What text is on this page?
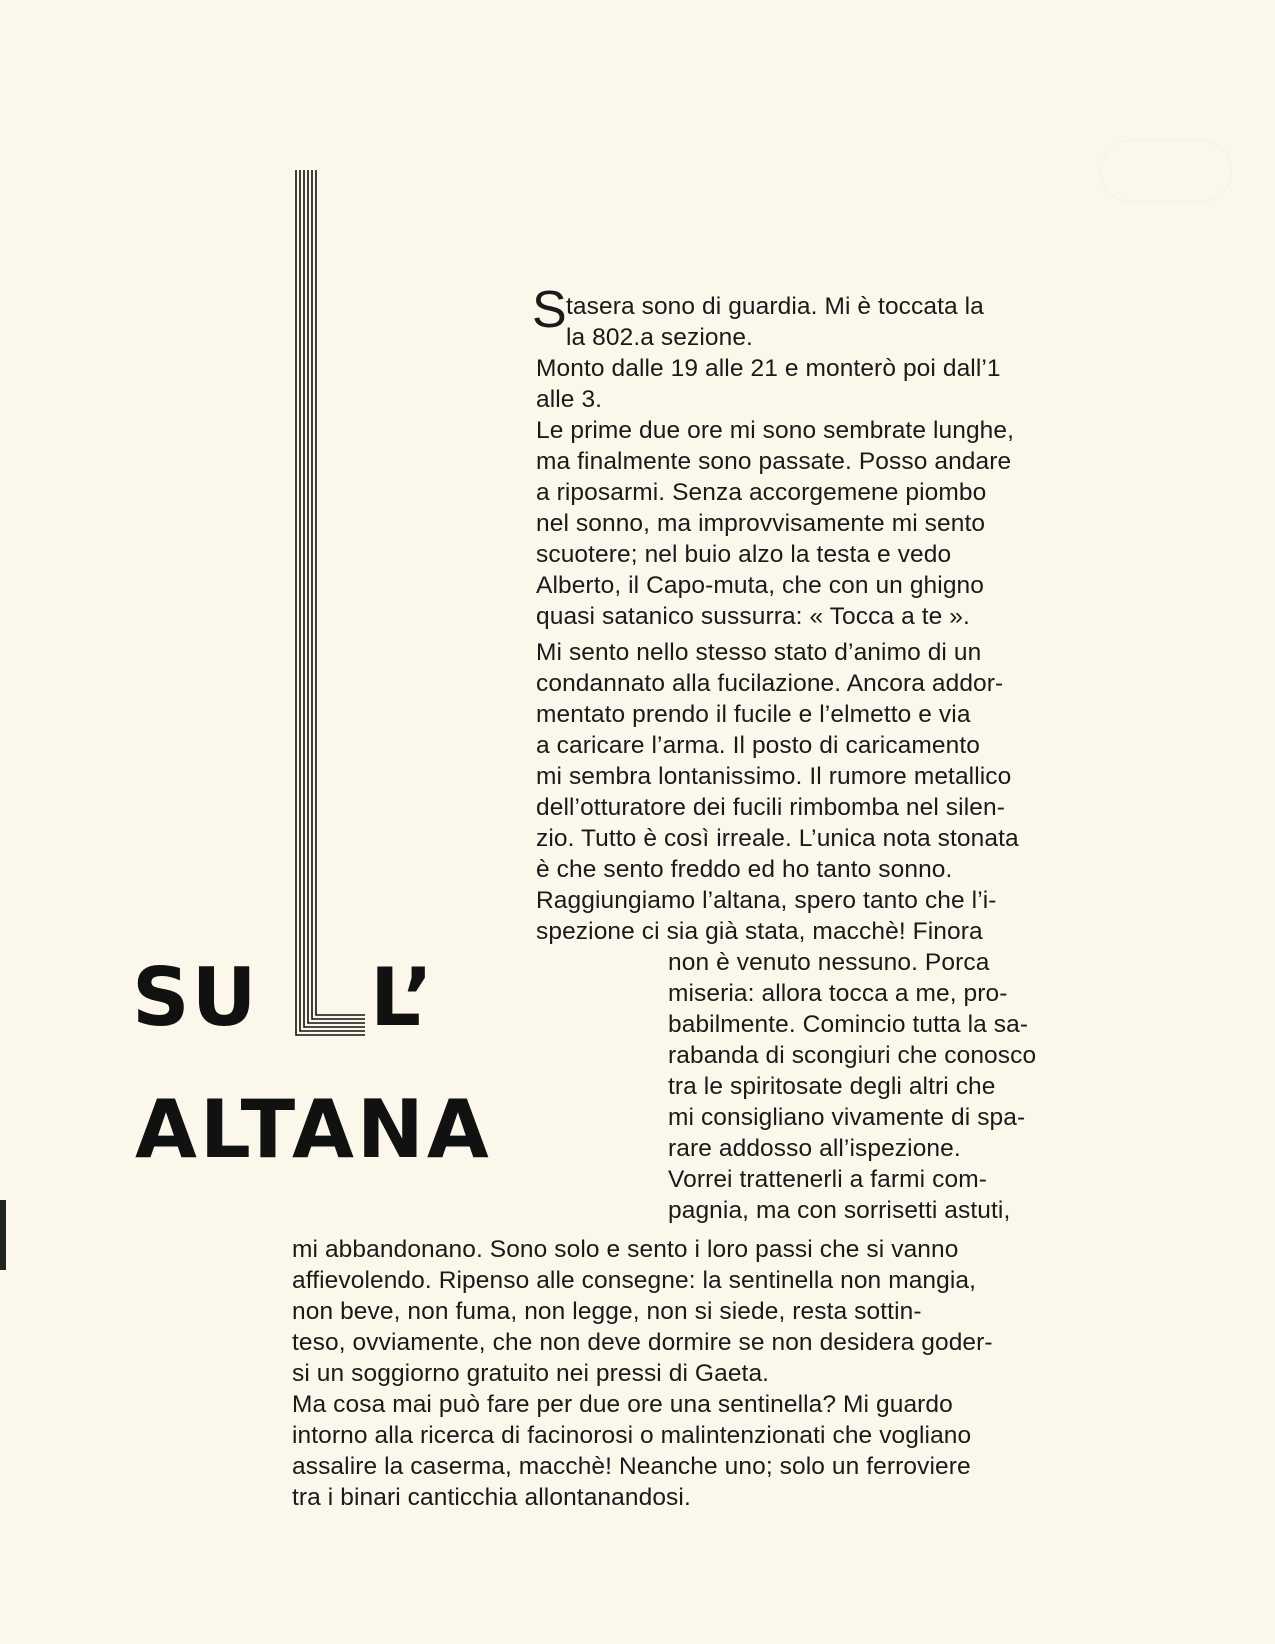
SU L’
ALTANA
S tasera sono di guardia. Mi è toccata la
la 802.a sezione.
Monto dalle 19 alle 21 e monterò poi dall’1
alle 3.
Le prime due ore mi sono sembrate lunghe,
ma finalmente sono passate. Posso andare
a riposarmi. Senza accorgemene piombo
nel sonno, ma improvvisamente mi sento
scuotere; nel buio alzo la testa e vedo
Alberto, il Capo-muta, che con un ghigno
quasi satanico sussurra: « Tocca a te ».
Mi sento nello stesso stato d’animo di un
condannato alla fucilazione. Ancora addor-
mentato prendo il fucile e l’elmetto e via
a caricare l’arma. Il posto di caricamento
mi sembra lontanissimo. Il rumore metallico
dell’otturatore dei fucili rimbomba nel silen-
zio. Tutto è così irreale. L’unica nota stonata
è che sento freddo ed ho tanto sonno.
Raggiungiamo l’altana, spero tanto che l’i-
spezione ci sia già stata, macchè! Finora
non è venuto nessuno. Porca
miseria: allora tocca a me, pro-
babilmente. Comincio tutta la sa-
rabanda di scongiuri che conosco
tra le spiritosate degli altri che
mi consigliano vivamente di spa-
rare addosso all’ispezione.
Vorrei trattenerli a farmi com-
pagnia, ma con sorrisetti astuti,
mi abbandonano. Sono solo e sento i loro passi che si vanno
affievolendo. Ripenso alle consegne: la sentinella non mangia,
non beve, non fuma, non legge, non si siede, resta sottin-
teso, ovviamente, che non deve dormire se non desidera goder-
si un soggiorno gratuito nei pressi di Gaeta.
Ma cosa mai può fare per due ore una sentinella? Mi guardo
intorno alla ricerca di facinorosi o malintenzionati che vogliano
assalire la caserma, macchè! Neanche uno; solo un ferroviere
tra i binari canticchia allontanandosi.
